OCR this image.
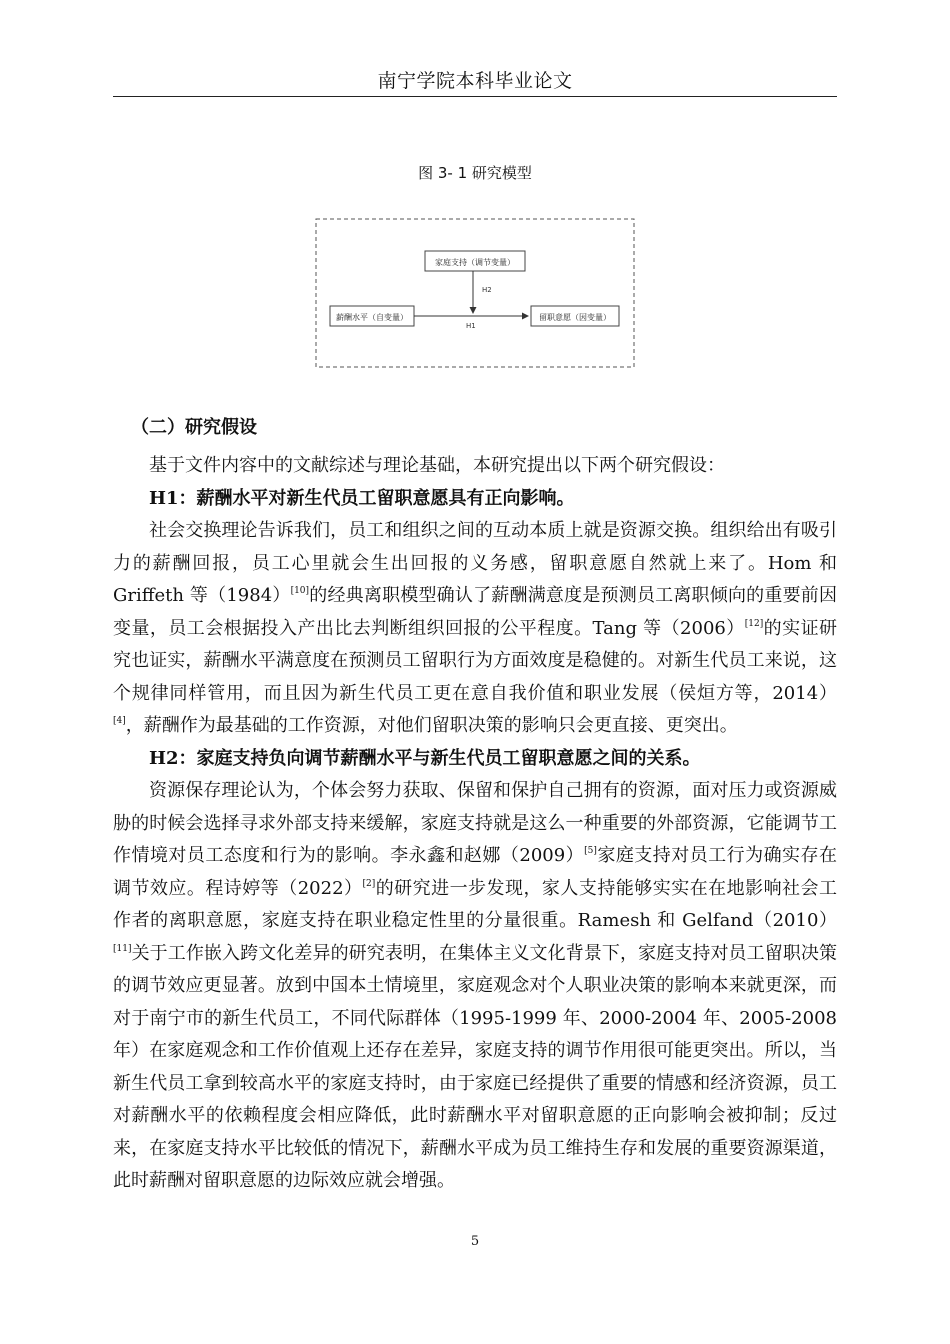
南宁学院本科毕业论文
图 3- 1 研究模型
家庭支持（调节变量）
薪酬水平（自变量）	留职意愿（因变量）
H2
H1
（二）研究假设

基于文件内容中的文献综述与理论基础，本研究提出以下两个研究假设：

H1：薪酬水平对新生代员工留职意愿具有正向影响。

社会交换理论告诉我们，员工和组织之间的互动本质上就是资源交换。组织给出有吸引力的薪酬回报，员工心里就会生出回报的义务感，留职意愿自然就上来了。Hom 和 Griffeth 等（1984）[10]的经典离职模型确认了薪酬满意度是预测员工离职倾向的重要前因变量，员工会根据投入产出比去判断组织回报的公平程度。Tang 等（2006）[12]的实证研究也证实，薪酬水平满意度在预测员工留职行为方面效度是稳健的。对新生代员工来说，这个规律同样管用，而且因为新生代员工更在意自我价值和职业发展（侯烜方等，2014）[4]，薪酬作为最基础的工作资源，对他们留职决策的影响只会更直接、更突出。

H2：家庭支持负向调节薪酬水平与新生代员工留职意愿之间的关系。

资源保存理论认为，个体会努力获取、保留和保护自己拥有的资源，面对压力或资源威胁的时候会选择寻求外部支持来缓解，家庭支持就是这么一种重要的外部资源，它能调节工作情境对员工态度和行为的影响。李永鑫和赵娜（2009）[5]家庭支持对员工行为确实存在调节效应。程诗婷等（2022）[2]的研究进一步发现，家人支持能够实实在在地影响社会工作者的离职意愿，家庭支持在职业稳定性里的分量很重。Ramesh 和 Gelfand（2010）[11]关于工作嵌入跨文化差异的研究表明，在集体主义文化背景下，家庭支持对员工留职决策的调节效应更显著。放到中国本土情境里，家庭观念对个人职业决策的影响本来就更深，而对于南宁市的新生代员工，不同代际群体（1995-1999 年、2000-2004 年、2005-2008 年）在家庭观念和工作价值观上还存在差异，家庭支持的调节作用很可能更突出。所以，当新生代员工拿到较高水平的家庭支持时，由于家庭已经提供了重要的情感和经济资源，员工对薪酬水平的依赖程度会相应降低，此时薪酬水平对留职意愿的正向影响会被抑制；反过来，在家庭支持水平比较低的情况下，薪酬水平成为员工维持生存和发展的重要资源渠道，此时薪酬对留职意愿的边际效应就会增强。

5
